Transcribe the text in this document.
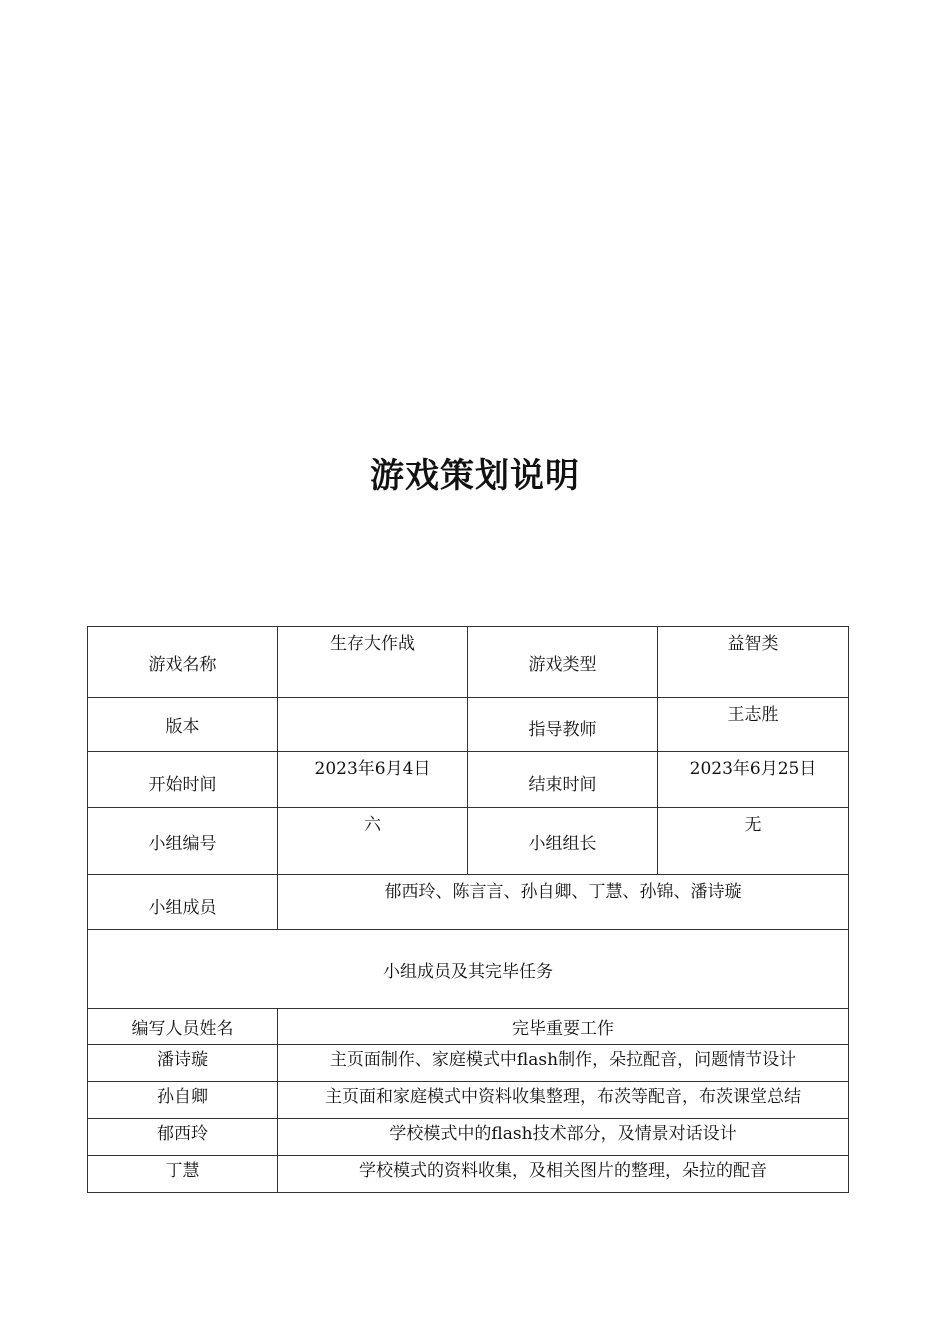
游戏策划说明
游戏名称	生存大作战	游戏类型	益智类
版本		指导教师	王志胜
开始时间	2023年6月4日	结束时间	2023年6月25日
小组编号	六	小组组长	无
小组成员	郁西玲、陈言言、孙自卿、丁慧、孙锦、潘诗璇		
小组成员及其完毕任务			
编写人员姓名	完毕重要工作		
潘诗璇	主页面制作、家庭模式中flash制作，朵拉配音，问题情节设计		
孙自卿	主页面和家庭模式中资料收集整理，布茨等配音，布茨课堂总结		
郁西玲	学校模式中的flash技术部分，及情景对话设计		
丁慧	学校模式的资料收集，及相关图片的整理，朵拉的配音		
